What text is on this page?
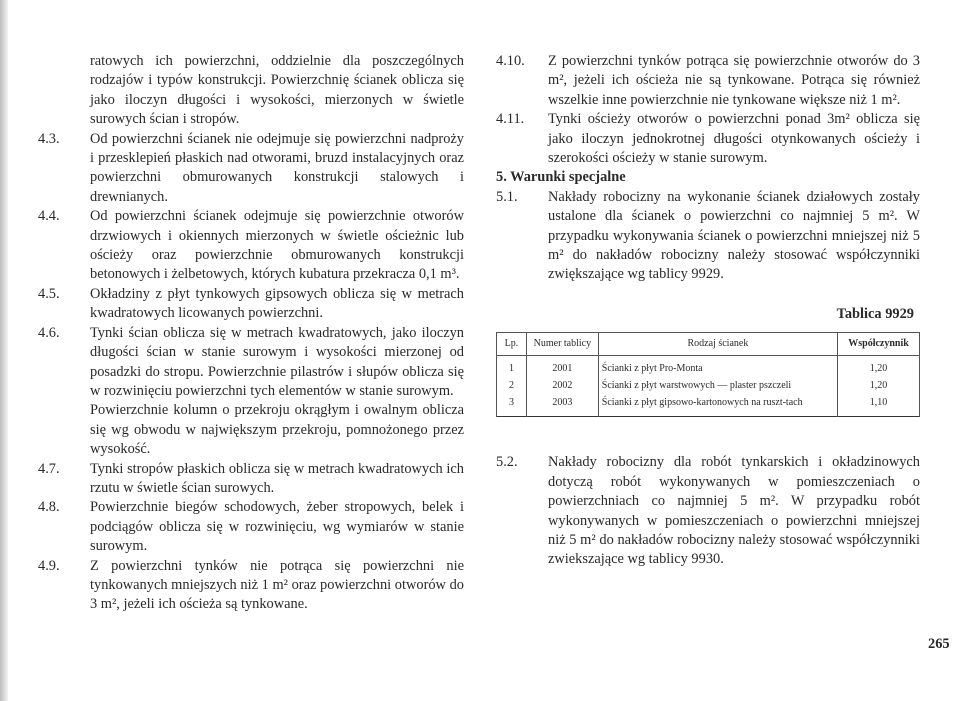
ratowych ich powierzchni, oddzielnie dla poszczególnych rodzajów i typów konstrukcji. Powierzchnię ścianek oblicza się jako iloczyn długości i wysokości, mierzonych w świetle surowych ścian i stropów.
4.3.	Od powierzchni ścianek nie odejmuje się powierzchni nadproży i przesklepień płaskich nad otworami, bruzd instalacyjnych oraz powierzchni obmurowanych konstrukcji stalowych i drewnianych.
4.4.	Od powierzchni ścianek odejmuje się powierzchnie otworów drzwiowych i okiennych mierzonych w świetle ościeżnic lub ościeży oraz powierzchnie obmurowanych konstrukcji betonowych i żelbetowych, których kubatura przekracza 0,1 m³.
4.5.	Okładziny z płyt tynkowych gipsowych oblicza się w metrach kwadratowych licowanych powierzchni.
4.6.	Tynki ścian oblicza się w metrach kwadratowych, jako iloczyn długości ścian w stanie surowym i wysokości mierzonej od posadzki do stropu. Powierzchnie pilastrów i słupów oblicza się w rozwinięciu powierzchni tych elementów w stanie surowym.
Powierzchnie kolumn o przekroju okrągłym i owalnym oblicza się wg obwodu w największym przekroju, pomnożonego przez wysokość.
4.7.	Tynki stropów płaskich oblicza się w metrach kwadratowych ich rzutu w świetle ścian surowych.
4.8.	Powierzchnie biegów schodowych, żeber stropowych, belek i podciągów oblicza się w rozwinięciu, wg wymiarów w stanie surowym.
4.9.	Z powierzchni tynków nie potrąca się powierzchni nie tynkowanych mniejszych niż 1 m² oraz powierzchni otworów do 3 m², jeżeli ich ościeża są tynkowane.
4.10.	Z powierzchni tynków potrąca się powierzchnie otworów do 3 m², jeżeli ich ościeża nie są tynkowane. Potrąca się również wszelkie inne powierzchnie nie tynkowane większe niż 1 m².
4.11.	Tynki ościeży otworów o powierzchni ponad 3m² oblicza się jako iloczyn jednokrotnej długości otynkowanych ościeży i szerokości ościeży w stanie surowym.
5. Warunki specjalne
5.1.	Nakłady robocizny na wykonanie ścianek działowych zostały ustalone dla ścianek o powierzchni co najmniej 5 m². W przypadku wykonywania ścianek o powierzchni mniejszej niż 5 m² do nakładów robocizny należy stosować współczynniki zwiększające wg tablicy 9929.
Tablica 9929
Lp.	Numer tablicy	Rodzaj ścianek	Współczynnik
1	2001	Ścianki z płyt Pro-Monta	1,20
2	2002	Ścianki z płyt warstwowych — plaster pszczeli	1,20
3	2003	Ścianki z płyt gipsowo-kartonowych na ruszt-tach	1,10
5.2.	Nakłady robocizny dla robót tynkarskich i okładzinowych dotyczą robót wykonywanych w pomieszczeniach o powierzchniach co najmniej 5 m². W przypadku robót wykonywanych w pomieszczeniach o powierzchni mniejszej niż 5 m² do nakładów robocizny należy stosować współczynniki zwiekszające wg tablicy 9930.
265
